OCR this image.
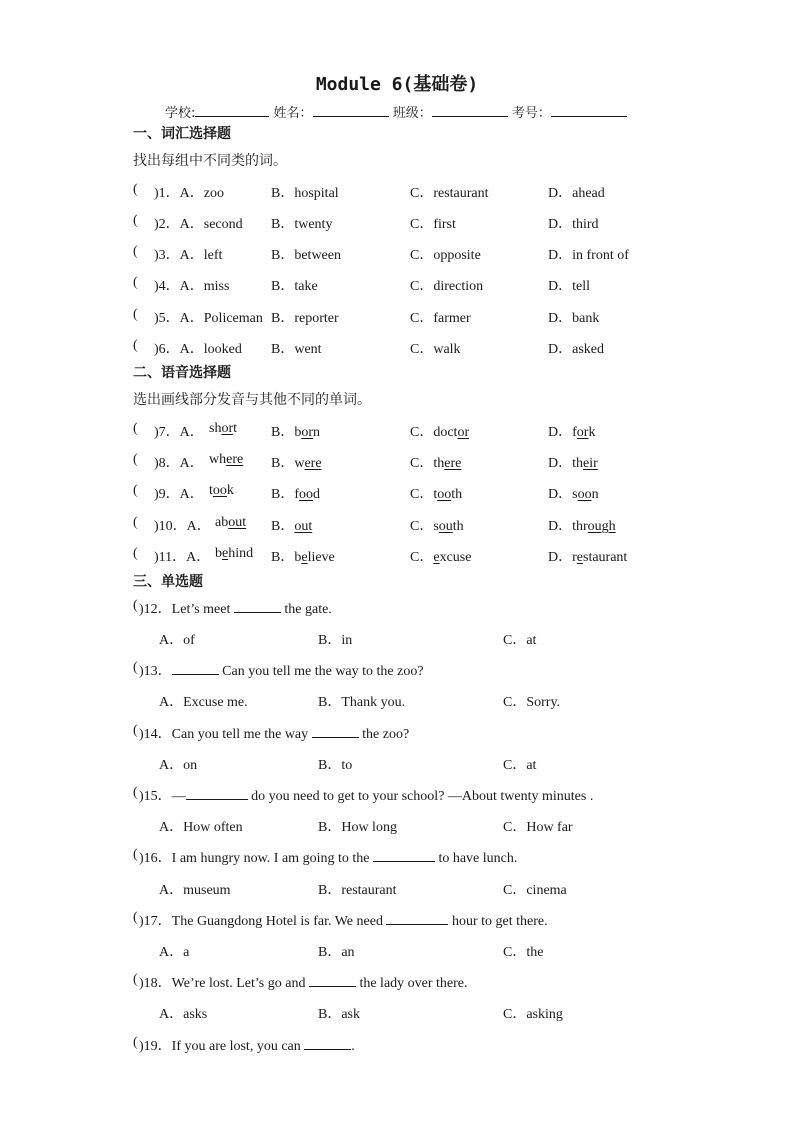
Module 6(基础卷)
学校:	姓名：	班级：	考号：
一、词汇选择题
找出每组中不同类的词。
( )1．A．zoo	B．hospital	C．restaurant	D．ahead
( )2．A．second B．twenty	C．first	D．third
( )3．A．left	B．between	C．opposite	D．in front of
( )4．A．miss	B．take	C．direction	D．tell
( )5．A．Policeman B．reporter	C．farmer	D．bank
( )6．A．looked B．went	C．walk	D．asked
二、语音选择题
选出画线部分发音与其他不同的单词。
( )7．A． short B．born	C．doctor	D．fork
( )8．A． where B．were	C．there	D．their
( )9．A． took	B．food	C．tooth	D．soon
( )10．A． about B．out	C．south	D．through
( )11．A． behind B．believe	C．excuse	D．restaurant
三、单选题
( )12．Let’s meet	the gate.
A．of	B．in	C．at
( )13．	Can you tell me the way to the zoo?
A．Excuse me.	B．Thank you.	C．Sorry.
( )14．Can you tell me the way	the zoo?
A．on	B．to	C．at
( )15．—	do you need to get to your school? —About twenty minutes .
A．How often	B．How long	C．How far
( )16．I am hungry now. I am going to the	to have lunch.
A．museum	B．restaurant	C．cinema
( )17．The Guangdong Hotel is far. We need	hour to get there.
A．a	B．an	C．the
( )18．We’re lost. Let’s go and	the lady over there.
A．asks	B．ask	C．asking
( )19．If you are lost, you can	.
